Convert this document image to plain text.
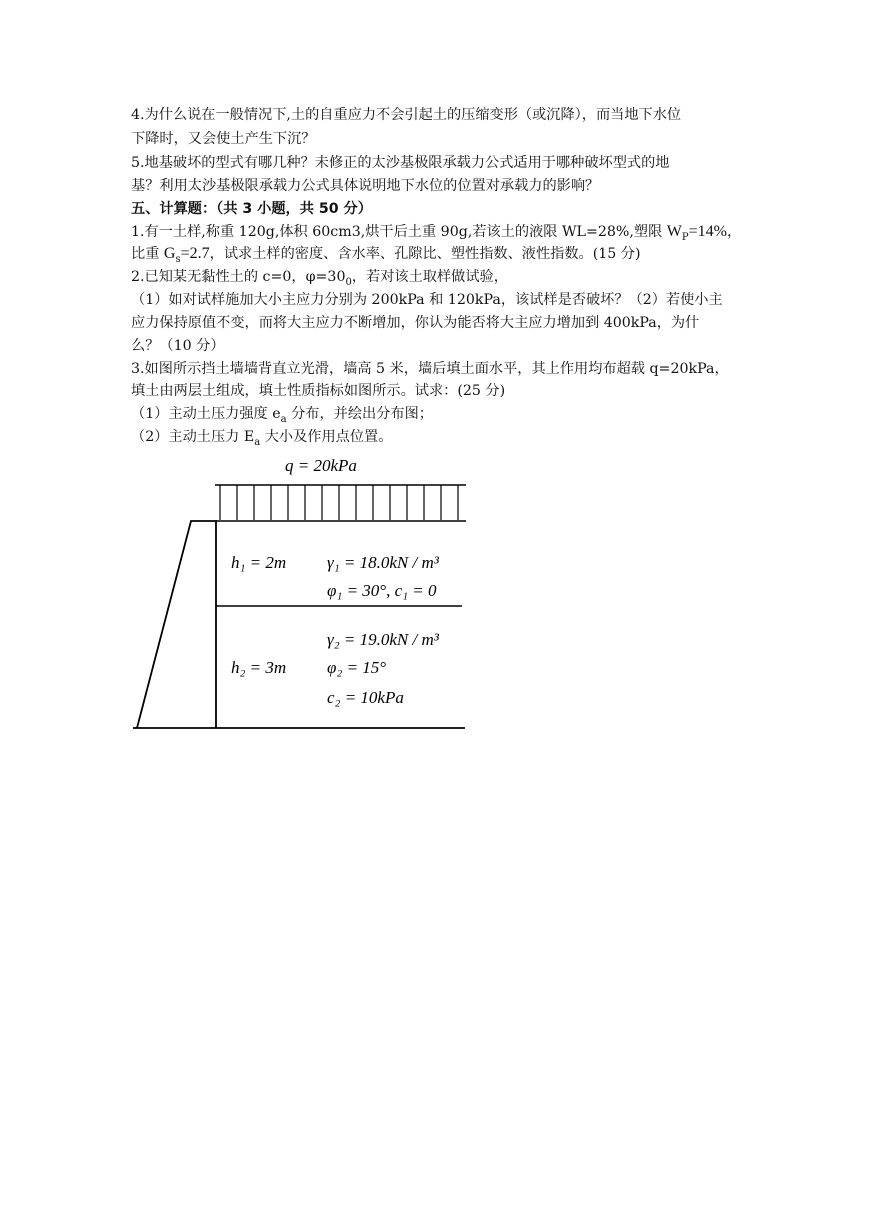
4.为什么说在一般情况下,土的自重应力不会引起土的压缩变形（或沉降），而当地下水位
下降时，又会使土产生下沉？
5.地基破坏的型式有哪几种？未修正的太沙基极限承载力公式适用于哪种破坏型式的地
基？利用太沙基极限承载力公式具体说明地下水位的位置对承载力的影响？
五、计算题：（共 3 小题，共 50 分）
1.有一土样,称重 120g,体积 60cm3,烘干后土重 90g,若该土的液限 WL=28%,塑限 $W_P=14\%$，
比重 $G_s=2.7$，试求土样的密度、含水率、孔隙比、塑性指数、液性指数。(15 分)
2.已知某无黏性土的 c=0，$\varphi=30_0$，若对该土取样做试验，
（1）如对试样施加大小主应力分别为 200kPa 和 120kPa，该试样是否破坏？（2）若使小主
应力保持原值不变，而将大主应力不断增加，你认为能否将大主应力增加到 400kPa，为什
么？（10 分）
3.如图所示挡土墙墙背直立光滑，墙高 5 米，墙后填土面水平，其上作用均布超载 q=20kPa，
填土由两层土组成，填土性质指标如图所示。试求：(25 分)
（1）主动土压力强度 $e_a$ 分布，并绘出分布图；
（2）主动土压力 $E_a$ 大小及作用点位置。
q = 20kPa
h₁ = 2m γ₁ = 18.0kN / m³
φ₁ = 30°, c₁ = 0
γ₂ = 19.0kN / m³
h₂ = 3m φ₂ = 15°
c₂ = 10kPa
